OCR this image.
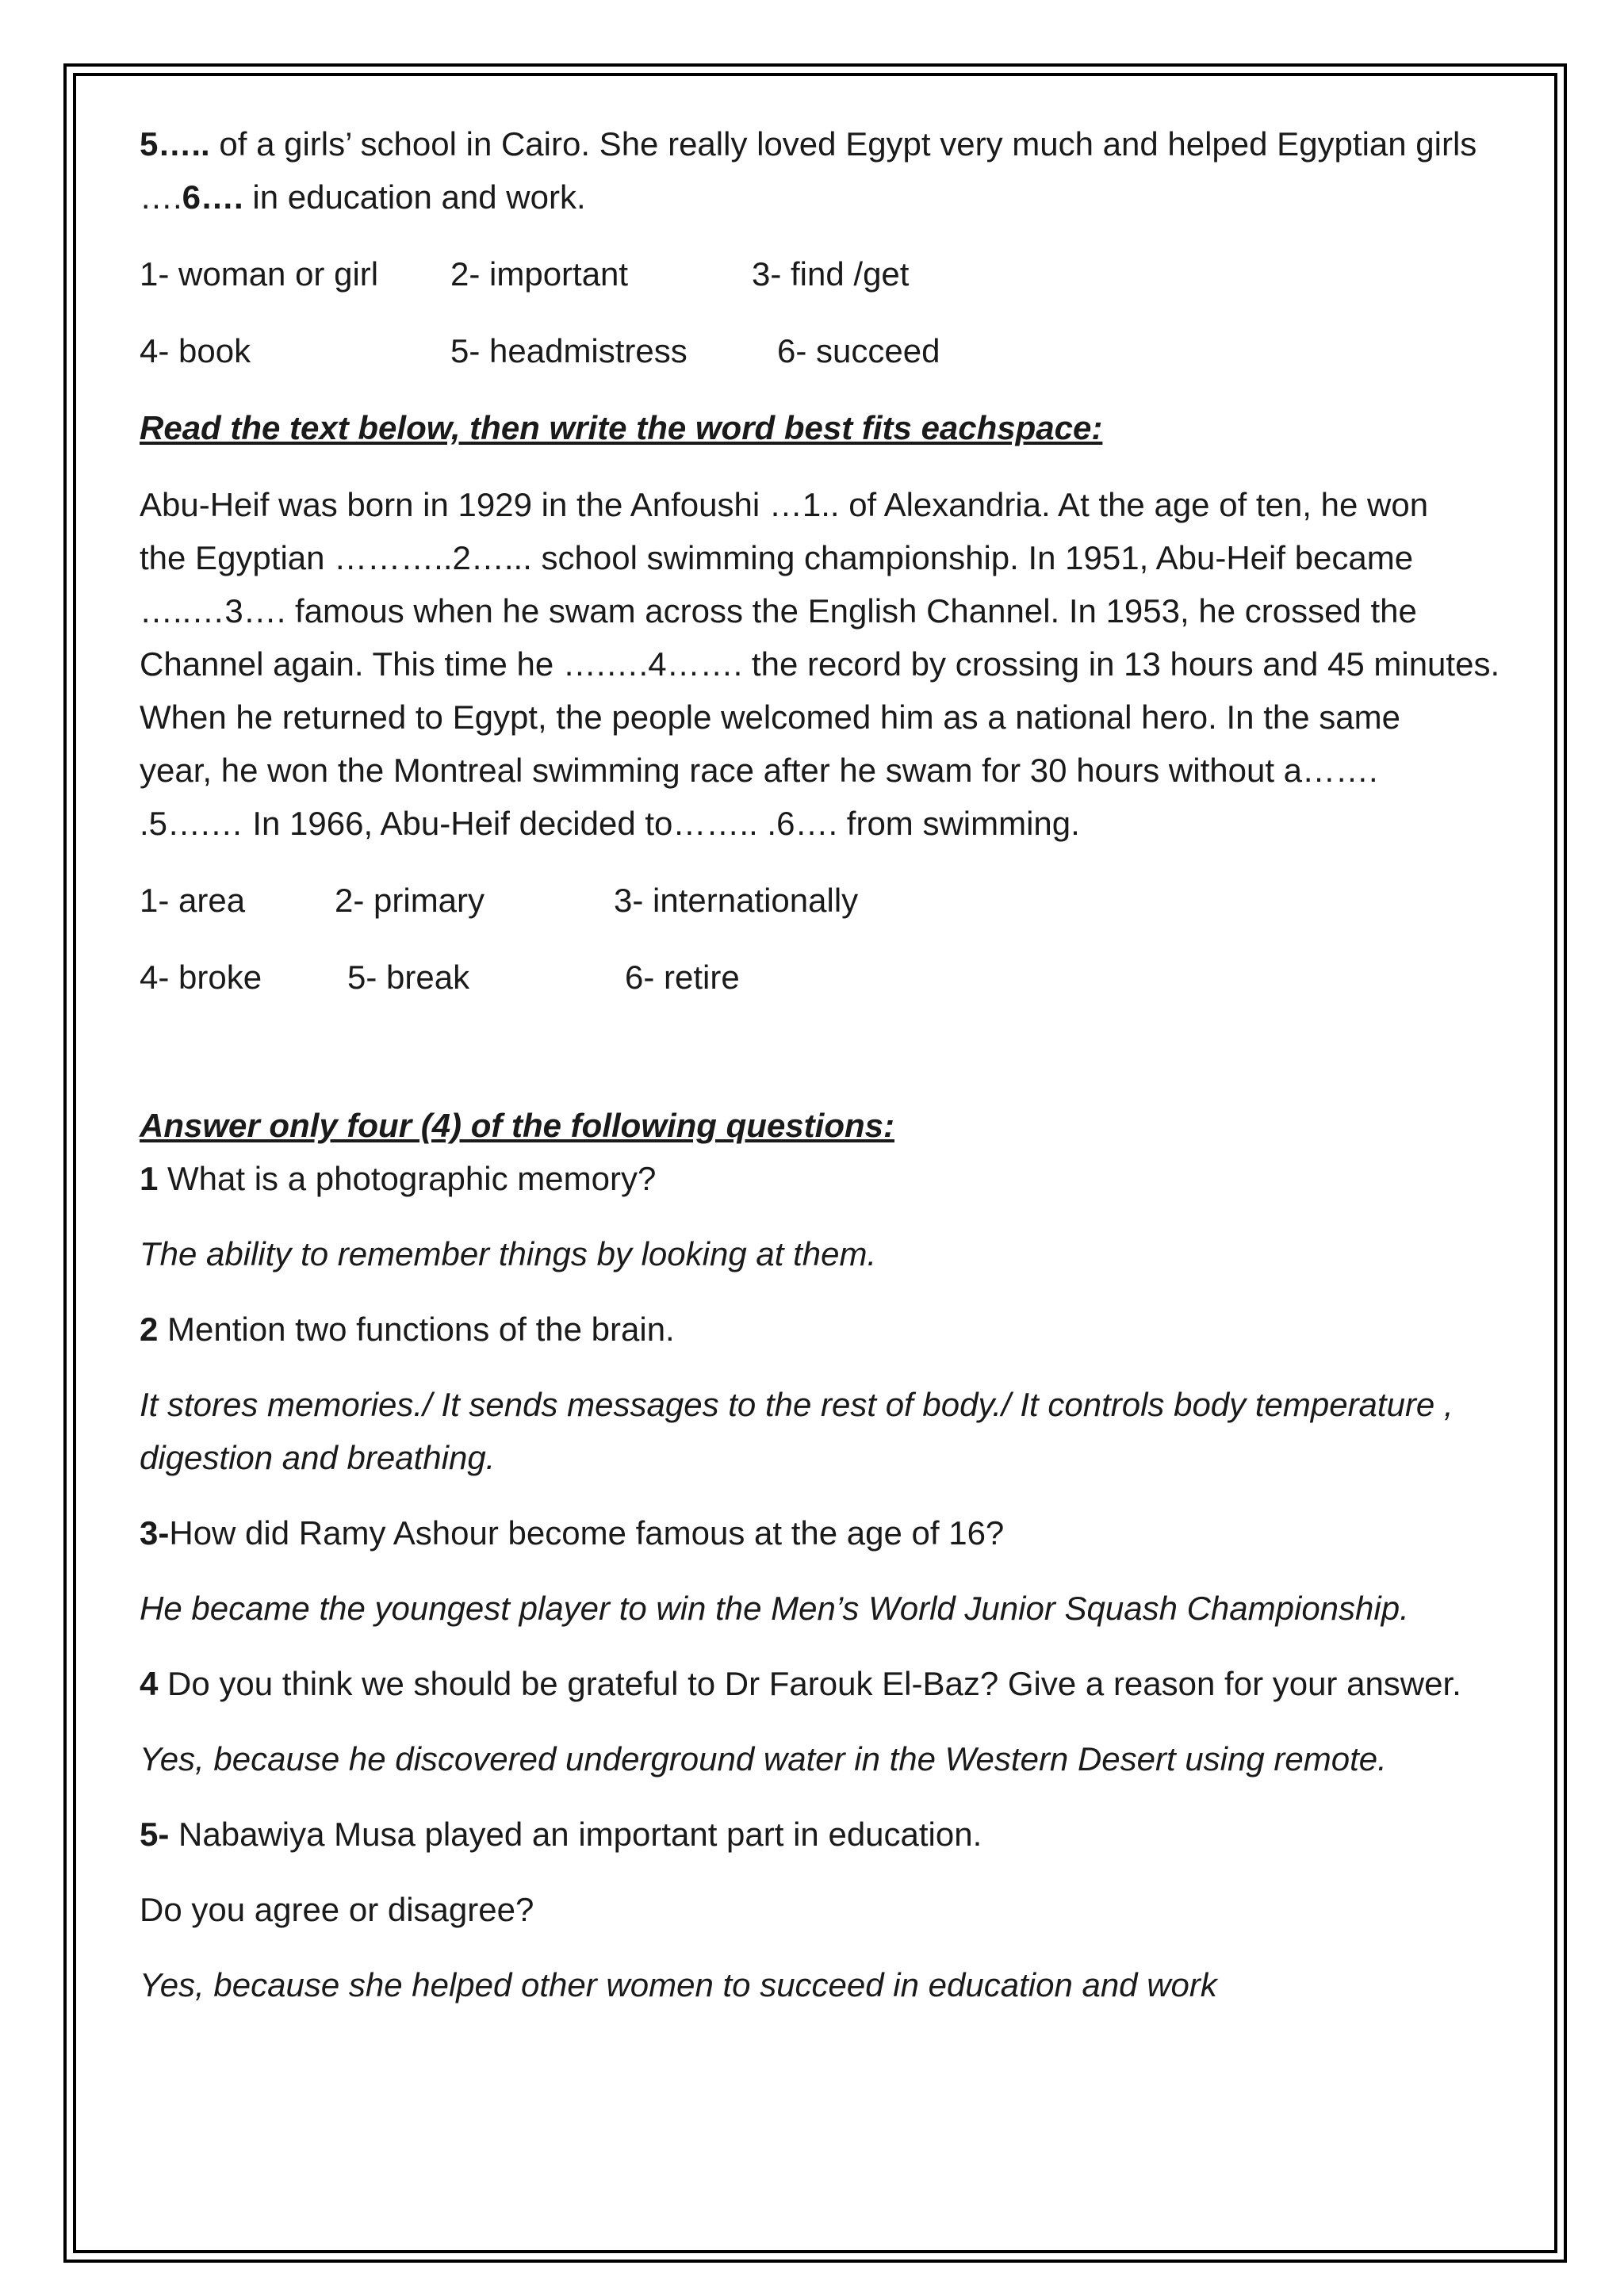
5….. of a girls’ school in Cairo. She really loved Egypt very much and helped Egyptian girls

….6…. in education and work.

1- woman or girl	2- important	3- find /get
4- book	5- headmistress	6- succeed

Read the text below, then write the word best fits eachspace:

Abu-Heif was born in 1929 in the Anfoushi …1.. of Alexandria. At the age of ten, he won

the Egyptian ………..2…... school swimming championship. In 1951, Abu-Heif became

…..…3…. famous when he swam across the English Channel. In 1953, he crossed the

Channel again. This time he ….….4……. the record by crossing in 13 hours and 45 minutes.

When he returned to Egypt, the people welcomed him as a national hero. In the same

year, he won the Montreal swimming race after he swam for 30 hours without a…….

.5….… In 1966, Abu-Heif decided to…….. .6…. from swimming.

1- area	2- primary	3- internationally
4- broke	5- break	6- retire

Answer only four (4) of the following questions:

1 What is a photographic memory?

The ability to remember things by looking at them.

2 Mention two functions of the brain.

It stores memories./ It sends messages to the rest of body./ It controls body temperature ,

digestion and breathing.

3-How did Ramy Ashour become famous at the age of 16?

He became the youngest player to win the Men’s World Junior Squash Championship.

4 Do you think we should be grateful to Dr Farouk El-Baz? Give a reason for your answer.

Yes, because he discovered underground water in the Western Desert using remote.

5- Nabawiya Musa played an important part in education.

Do you agree or disagree?

Yes, because she helped other women to succeed in education and work
